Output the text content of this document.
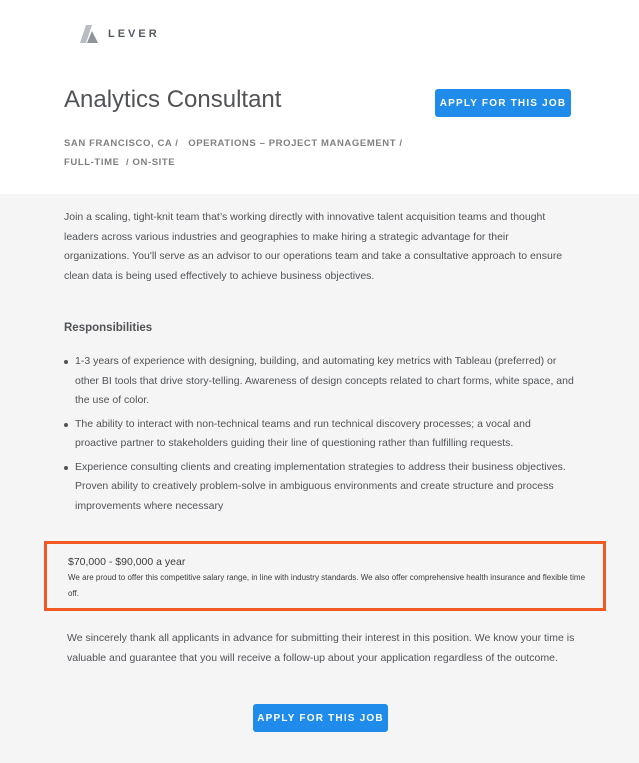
LEVER
Analytics Consultant	APPLY FOR THIS JOB
SAN FRANCISCO, CA / OPERATIONS – PROJECT MANAGEMENT /
FULL-TIME / ON-SITE

Join a scaling, tight-knit team that’s working directly with innovative talent acquisition teams and thought leaders across various industries and geographies to make hiring a strategic advantage for their organizations. You'll serve as an advisor to our operations team and take a consultative approach to ensure clean data is being used effectively to achieve business objectives.

Responsibilities
1-3 years of experience with designing, building, and automating key metrics with Tableau (preferred) or other BI tools that drive story-telling. Awareness of design concepts related to chart forms, white space, and the use of color.
The ability to interact with non-technical teams and run technical discovery processes; a vocal and proactive partner to stakeholders guiding their line of questioning rather than fulfilling requests.
Experience consulting clients and creating implementation strategies to address their business objectives. Proven ability to creatively problem-solve in ambiguous environments and create structure and process improvements where necessary
$70,000 - $90,000 a year
We are proud to offer this competitive salary range, in line with industry standards. We also offer comprehensive health insurance and flexible time off.

We sincerely thank all applicants in advance for submitting their interest in this position. We know your time is valuable and guarantee that you will receive a follow-up about your application regardless of the outcome.

APPLY FOR THIS JOB
